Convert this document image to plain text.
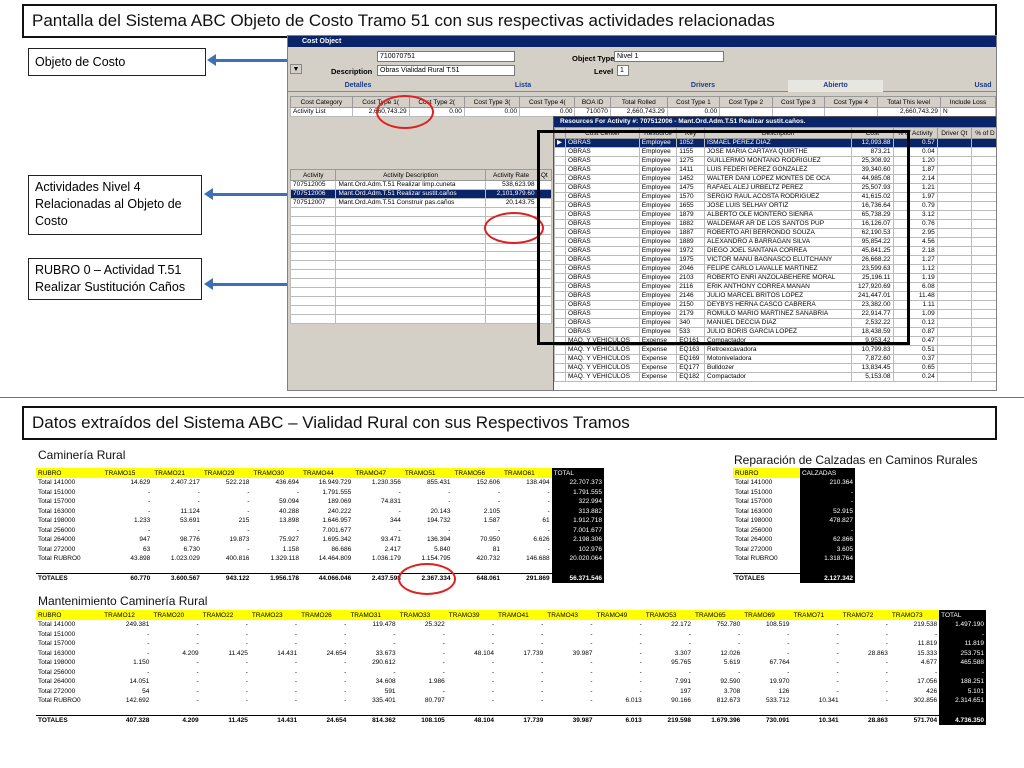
Pantalla del Sistema ABC Objeto de Costo Tramo 51 con sus respectivas actividades relacionadas
Objeto de Costo
Actividades Nivel 4 Relacionadas al Objeto de Costo
RUBRO 0 – Actividad T.51 Realizar Sustitución Caños
Cost Object
710070751
Description	Obras Vialidad Rural T.51
Object Type Nivel 1
Level 1
▼
Detalles	Lista	Drivers	Abierto	Usad
Cost Category	Cost Type 1(	Cost Type 2(	Cost Type 3(	Cost Type 4(	BOA ID	Total Rolled	Cost Type 1	Cost Type 2	Cost Type 3	Cost Type 4	Total This level	Include Loss
Activity List	2,660,743.29	0.00	0.00	0.00	710070	2,660,743.29	0.00				2,660,743.29	N
Activity	Activity Description	Activity Rate	Qt
707512005	Mant.Ord.Adm.T.51 Realizar limp.cuneta	538,623.98	
707512006	Mant.Ord.Adm.T.51 Realizar sustit.caños	2,101,979.60	
707512007	Mant.Ord.Adm.T.51 Construir pas.caños	20,143.75	

Resources For Activity #: 707512006 - Mant.Ord.Adm.T.51 Realizar sustit.caños.
	Cost Center	Resource	Key	Description	Cost	% of Activity	Driver Qt	% of D
▶	OBRAS	Employee	1052	ISMAEL PEREZ DIAZ	12,093.88	0.57		
	OBRAS	Employee	1155	JOSE MARIA CARTAYA QUIRTHE	873.21	0.04		
	OBRAS	Employee	1275	GUILLERMO MONTANO RODRIGUEZ	25,308.92	1.20		
	OBRAS	Employee	1411	LUIS FEDERI PEREZ GONZALEZ	39,340.60	1.87		
	OBRAS	Employee	1452	WALTER DANI LOPEZ MONTES DE OCA	44,985.08	2.14		
	OBRAS	Employee	1475	RAFAEL ALEJ URBELTZ PEREZ	25,507.93	1.21		
	OBRAS	Employee	1570	SERGIO RAUL ACOSTA RODRIGUEZ	41,615.02	1.97		
	OBRAS	Employee	1655	JOSE LUIS SELHAY ORTIZ	16,736.64	0.79		
	OBRAS	Employee	1879	ALBERTO OLE MONTERO SIENRA	65,738.29	3.12		
	OBRAS	Employee	1882	WALDEMAR AR DE LOS SANTOS PUP	16,126.07	0.76		
	OBRAS	Employee	1887	ROBERTO ARI BERRONDO SOUZA	62,190.53	2.95		
	OBRAS	Employee	1889	ALEXANDRO A BARRAGAN SILVA	95,854.22	4.56		
	OBRAS	Employee	1972	DIEGO JOEL SANTANA CORREA	45,841.25	2.18		
	OBRAS	Employee	1975	VICTOR MANU BAGNASCO ELUTCHANY	26,668.22	1.27		
	OBRAS	Employee	2046	FELIPE CARLO LAVALLE MARTINEZ	23,599.63	1.12		
	OBRAS	Employee	2103	ROBERTO ENRI ANZOLABEHERE MORAL	25,196.11	1.19		
	OBRAS	Employee	2116	ERIK ANTHONY CORREA MAÑAN	127,920.69	6.08		
	OBRAS	Employee	2146	JULIO MARCEL BRITOS LOPEZ	241,447.01	11.48		
	OBRAS	Employee	2150	DEYBYS HERNA CASCO CABRERA	23,382.00	1.11		
	OBRAS	Employee	2179	ROMULO MARIO MARTINEZ SANABRIA	22,914.77	1.09		
	OBRAS	Employee	340	MANUEL DECCIA DIAZ	2,532.22	0.12		
	OBRAS	Employee	533	JULIO BORIS GARCIA LOPEZ	18,438.59	0.87		
	MAQ. Y VEHICULOS	Expense	EQ161	Compactador	9,953.42	0.47		
	MAQ. Y VEHICULOS	Expense	EQ163	Retroexcavadora	10,799.83	0.51		
	MAQ. Y VEHICULOS	Expense	EQ169	Motoniveladora	7,872.60	0.37		
	MAQ. Y VEHICULOS	Expense	EQ177	Bulldozer	13,834.45	0.65		
	MAQ. Y VEHICULOS	Expense	EQ182	Compactador	5,153.08	0.24		
Datos extraídos del Sistema ABC – Vialidad Rural con sus Respectivos Tramos
Caminería Rural	Reparación de Calzadas en Caminos Rurales
Mantenimiento Caminería Rural
RUBRO	TRAMO15	TRAMO21	TRAMO29	TRAMO30	TRAMO44	TRAMO47	TRAMO51	TRAMO56	TRAMO61	TOTAL
Total 141000	14.629	2.407.217	522.218	436.694	16.949.729	1.230.356	855.431	152.606	138.494	22.707.373
Total 151000	-	-	-	-	1.791.555	-	-	-	-	1.791.555
Total 157000	-	-	-	59.094	189.069	74.831	-	-	-	322.994
Total 163000	-	11.124	-	40.288	240.222	-	20.143	2.105	-	313.882
Total 198000	1.233	53.691	215	13.898	1.646.957	344	194.732	1.587	61	1.912.718
Total 256000	-	-	-	-	7.001.677	-	-	-	-	7.001.677
Total 264000	947	98.776	19.873	75.927	1.695.342	93.471	136.394	70.950	6.626	2.198.306
Total 272000	63	6.730	-	1.158	86.686	2.417	5.840	81	-	102.976
Total RUBRO0	43.898	1.023.029	400.816	1.329.118	14.464.809	1.036.179	1.154.795	420.732	146.688	20.020.064

TOTALES	60.770	3.600.567	943.122	1.956.178	44.066.046	2.437.598	2.367.334	648.061	291.869	56.371.546
RUBRO	CALZADAS
Total 141000	210.364
Total 151000	-
Total 157000	-
Total 163000	52.915
Total 198000	478.827
Total 256000	-
Total 264000	62.866
Total 272000	3.605
Total RUBRO0	1.318.764

TOTALES	2.127.342
RUBRO	TRAMO12	TRAMO20	TRAMO22	TRAMO23	TRAMO26	TRAMO31	TRAMO33	TRAMO39	TRAMO41	TRAMO43	TRAMO49	TRAMO53	TRAMO65	TRAMO69	TRAMO71	TRAMO72	TRAMO73	TOTAL
Total 141000	249.381	-	-	-	-	119.478	25.322	-	-	-	-	22.172	752.780	108.519	-	-	219.538	1.497.190
Total 151000	-	-	-	-	-	-	-	-	-	-	-	-	-	-	-	-	-	-
Total 157000	-	-	-	-	-	-	-	-	-	-	-	-	-	-	-	-	11.819	11.819
Total 163000	-	4.209	11.425	14.431	24.654	33.673	-	48.104	17.739	39.987	-	3.307	12.026	-	-	28.863	15.333	253.751
Total 198000	1.150	-	-	-	-	290.612	-	-	-	-	-	95.765	5.619	67.764	-	-	4.677	465.588
Total 256000	-	-	-	-	-	-	-	-	-	-	-	-	-	-	-	-	-	-
Total 264000	14.051	-	-	-	-	34.608	1.986	-	-	-	-	7.991	92.590	19.970	-	-	17.056	188.251
Total 272000	54	-	-	-	-	591	-	-	-	-	-	197	3.708	126	-	-	426	5.101
Total RUBRO0	142.692	-	-	-	-	335.401	80.797	-	-	-	6.013	90.166	812.673	533.712	10.341	-	302.856	2.314.651

TOTALES	407.328	4.209	11.425	14.431	24.654	814.362	108.105	48.104	17.739	39.987	6.013	219.598	1.679.396	730.091	10.341	28.863	571.704	4.736.350
